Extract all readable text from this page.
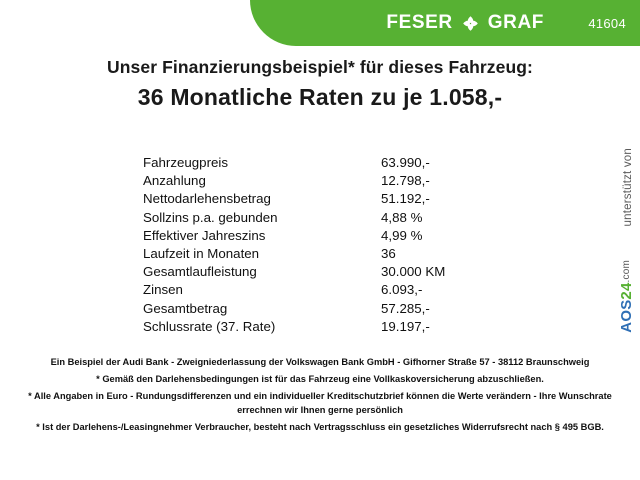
FESER GRAF	41604
Unser Finanzierungsbeispiel* für dieses Fahrzeug:
36 Monatliche Raten zu je 1.058,-
Fahrzeugpreis	63.990,-
Anzahlung	12.798,-
Nettodarlehensbetrag	51.192,-
Sollzins p.a. gebunden	4,88 %
Effektiver Jahreszins	4,99 %
Laufzeit in Monaten	36
Gesamtlaufleistung	30.000 KM
Zinsen	6.093,-
Gesamtbetrag	57.285,-
Schlussrate (37. Rate)	19.197,-

Ein Beispiel der Audi Bank - Zweigniederlassung der Volkswagen Bank GmbH - Gifhorner Straße 57 - 38112 Braunschweig

* Gemäß den Darlehensbedingungen ist für das Fahrzeug eine Vollkaskoversicherung abzuschließen.

* Alle Angaben in Euro - Rundungsdifferenzen und ein individueller Kreditschutzbrief können die Werte verändern - Ihre Wunschrate errechnen wir Ihnen gerne persönlich

* Ist der Darlehens-/Leasingnehmer Verbraucher, besteht nach Vertragsschluss ein gesetzliches Widerrufsrecht nach § 495 BGB.

unterstützt von
AOS24.com
